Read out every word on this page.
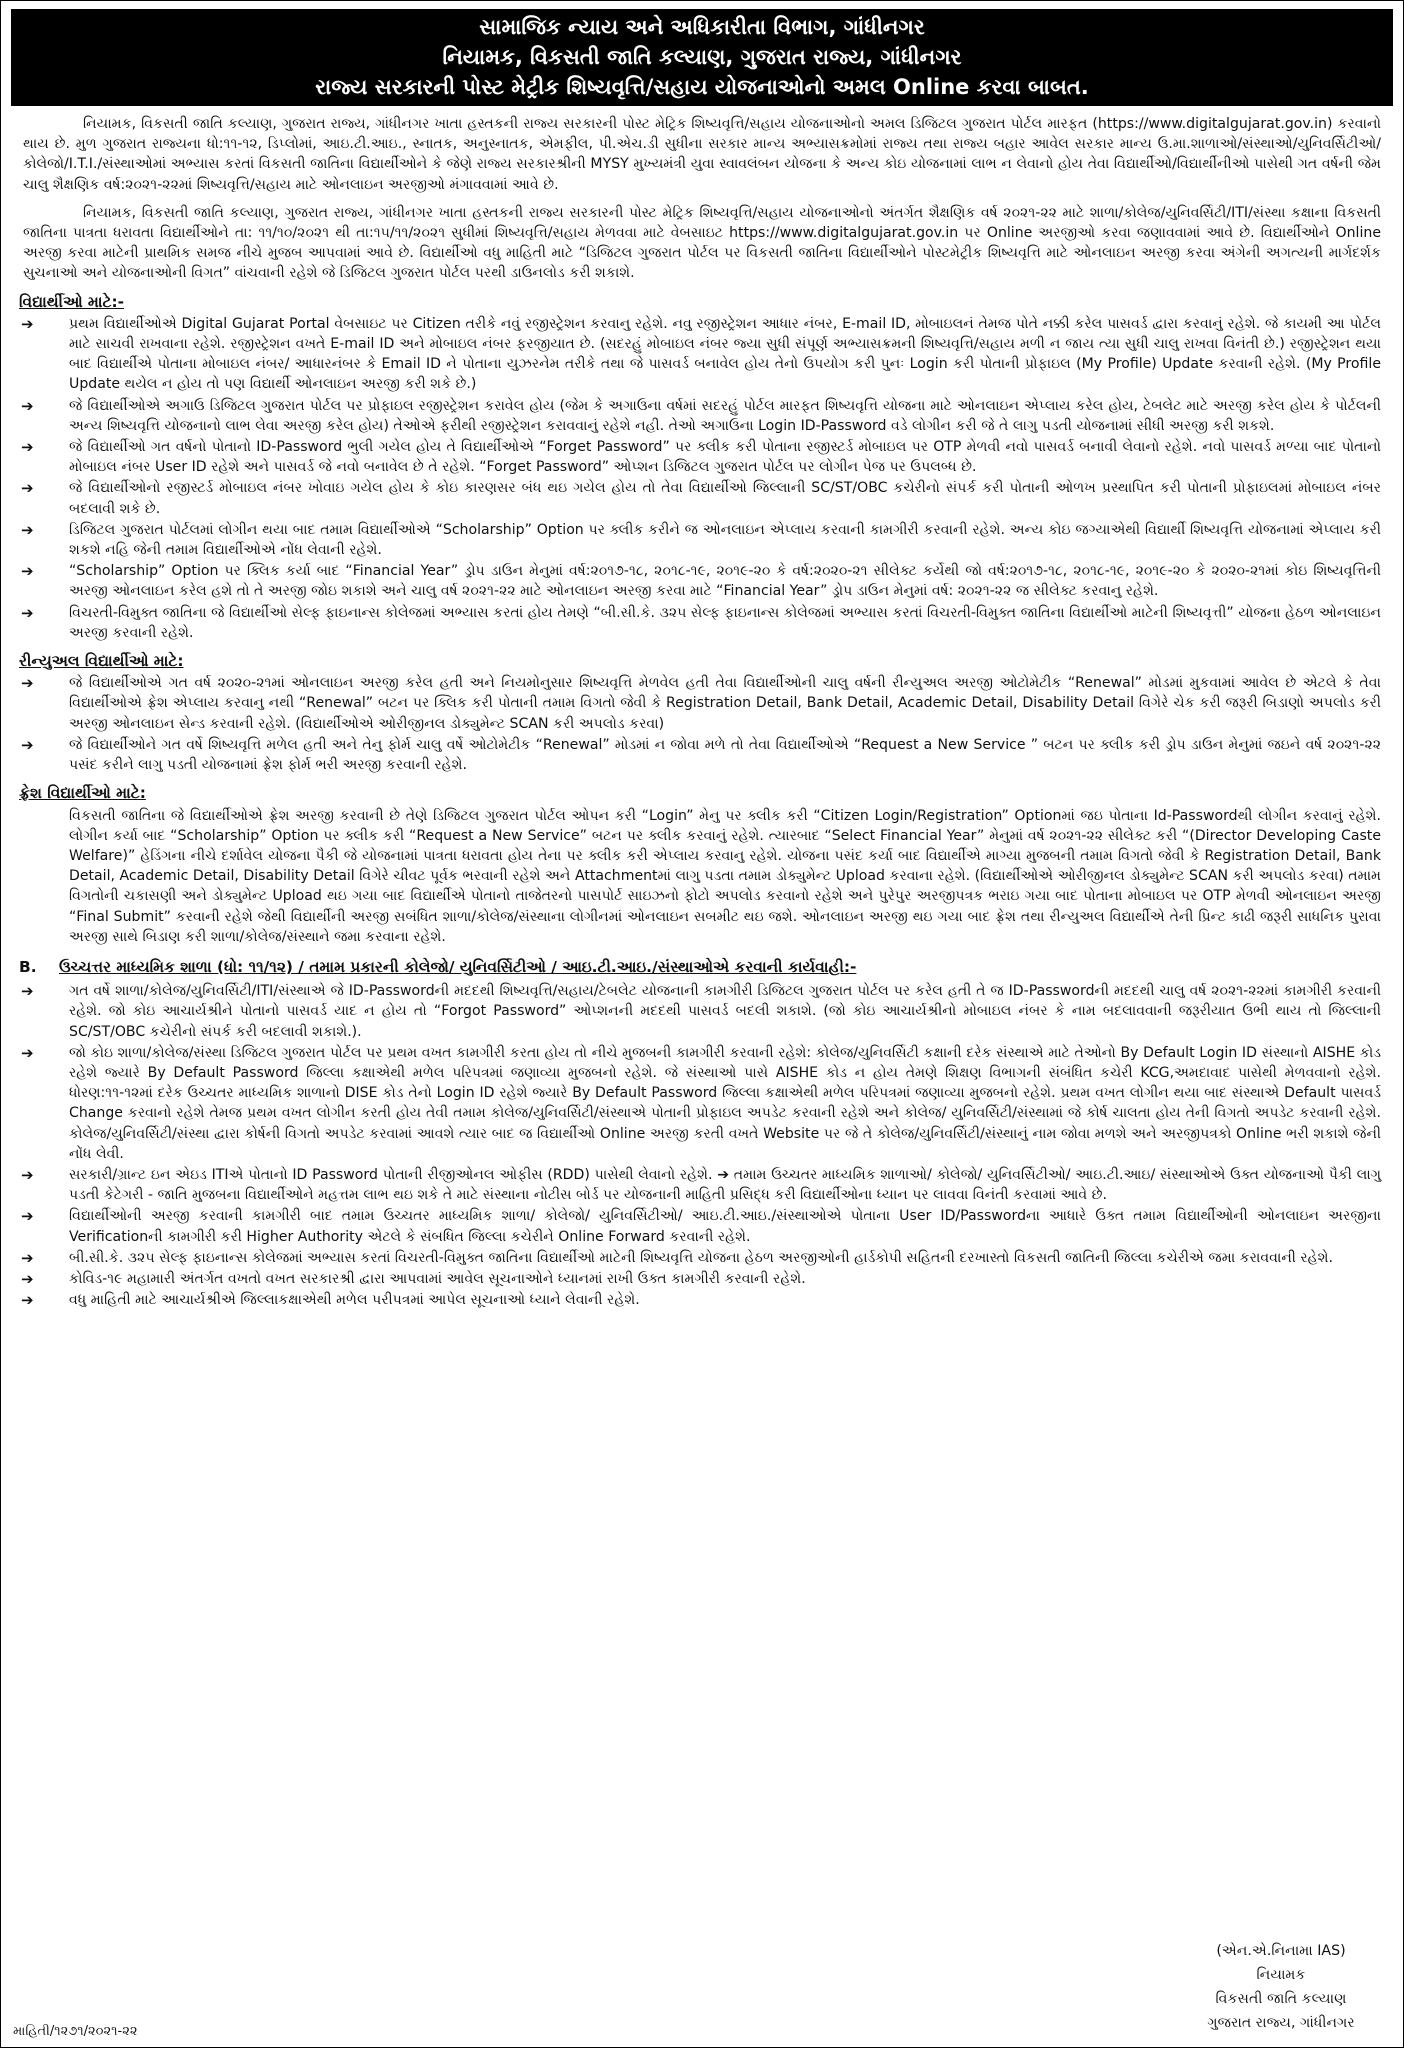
સામાજિક ન્યાય અને અધિકારીતા વિભાગ, ગાંધીનગર
નિયામક, વિકસતી જાતિ કલ્યાણ, ગુજરાત રાજ્ય, ગાંધીનગર
રાજ્ય સરકારની પોસ્ટ મેટ્રીક શિષ્યવૃત્તિ/સહાય યોજનાઓનો અમલ Online કરવા બાબત.

નિયામક, વિકસતી જાતિ કલ્યાણ, ગુજરાત રાજ્ય, ગાંધીનગર ખાતા હસ્તકની રાજ્ય સરકારની પોસ્ટ મેટ્રિક શિષ્યવૃત્તિ/સહાય યોજનાઓનો અમલ ડિજિટલ ગુજરાત પોર્ટલ મારફત (https://www.digitalgujarat.gov.in) કરવાનો થાય છે. મુળ ગુજરાત રાજ્યના ધો:૧૧-૧૨, ડિપ્લોમાં, આઇ.ટી.આઇ., સ્નાતક, અનુસ્નાતક, એમફીલ, પી.એચ.ડી સુધીના સરકાર માન્ય અભ્યાસક્રમોમાં રાજ્ય તથા રાજ્ય બહાર આવેલ સરકાર માન્ય ઉ.મા.શાળાઓ/સંસ્થાઓ/યુનિવર્સિટીઓ/કોલેજો/I.T.I./સંસ્થાઓમાં અભ્યાસ કરતાં વિકસતી જાતિના વિદ્યાર્થીઓને કે જેણે રાજ્ય સરકારશ્રીની MYSY મુખ્યમંત્રી યુવા સ્વાવલંબન યોજના કે અન્ય કોઇ યોજનામાં લાભ ન લેવાનો હોય તેવા વિદ્યાર્થીઓ/વિદ્યાર્થીનીઓ પાસેથી ગત વર્ષની જેમ ચાલુ શૈક્ષણિક વર્ષ:૨૦૨૧-૨૨માં શિષ્યવૃત્તિ/સહાય માટે ઓનલાઇન અરજીઓ મંગાવવામાં આવે છે.

નિયામક, વિકસતી જાતિ કલ્યાણ, ગુજરાત રાજ્ય, ગાંધીનગર ખાતા હસ્તકની રાજ્ય સરકારની પોસ્ટ મેટ્રિક શિષ્યવૃત્તિ/સહાય યોજનાઓનો અંતર્ગત શૈક્ષણિક વર્ષ ૨૦૨૧-૨૨ માટે શાળા/કોલેજ/યુનિવર્સિટી/ITI/સંસ્થા કક્ષાના વિકસતી જાતિના પાત્રતા ધરાવતા વિદ્યાર્થીઓને તા: ૧૧/૧૦/૨૦૨૧ થી તા:૧૫/૧૧/૨૦૨૧ સુધીમાં શિષ્યવૃત્તિ/સહાય મેળવવા માટે વેબસાઇટ https://www.digitalgujarat.gov.in પર Online અરજીઓ કરવા જણાવવામાં આવે છે. વિદ્યાર્થીઓને Online અરજી કરવા માટેની પ્રાથમિક સમજ નીચે મુજબ આપવામાં આવે છે. વિદ્યાર્થીઓ વધુ માહિતી માટે “ડિજિટલ ગુજરાત પોર્ટલ પર વિકસતી જાતિના વિદ્યાર્થીઓને પોસ્ટમેટ્રીક શિષ્યવૃત્તિ માટે ઓનલાઇન અરજી કરવા અંગેની અગત્યની માર્ગદર્શક સુચનાઓ અને યોજનાઓની વિગત” વાંચવાની રહેશે જે ડિજિટલ ગુજરાત પોર્ટલ પરથી ડાઉનલોડ કરી શકાશે.

વિદ્યાર્થીઓ માટે:-
➔	પ્રથમ વિદ્યાર્થીઓએ Digital Gujarat Portal વેબસાઇટ પર Citizen તરીકે નવું રજીસ્ટ્રેશન કરવાનુ રહેશે. નવુ રજીસ્ટ્રેશન આધાર નંબર, E-mail ID, મોબાઇલનં તેમજ પોતે નક્કી કરેલ પાસવર્ડ દ્વારા કરવાનું રહેશે. જે કાયમી આ પોર્ટલ માટે સાચવી રાખવાના રહેશે. રજીસ્ટ્રેશન વખતે E-mail ID અને મોબાઇલ નંબર ફરજીયાત છે. (સદરહું મોબાઇલ નંબર જ્યા સુધી સંપૂર્ણ અભ્યાસક્રમની શિષ્યવૃત્તિ/સહાય મળી ન જાય ત્યા સુધી ચાલુ રાખવા વિનંતી છે.) રજીસ્ટ્રેશન થયા બાદ વિદ્યાર્થીએ પોતાના મોબાઇલ નંબર/ આધારનંબર કે Email ID ને પોતાના યુઝરનેમ તરીકે તથા જે પાસવર્ડ બનાવેલ હોય તેનો ઉપયોગ કરી પુનઃ Login કરી પોતાની પ્રોફાઇલ (My Profile) Update કરવાની રહેશે. (My Profile Update થયેલ ન હોય તો પણ વિદ્યાર્થી ઓનલાઇન અરજી કરી શકે છે.)
➔	જે વિદ્યાર્થીઓએ અગાઉ ડિજિટલ ગુજરાત પોર્ટલ પર પ્રોફાઇલ રજીસ્ટ્રેશન કરાવેલ હોય (જેમ કે અગાઉના વર્ષમાં સદરહું પોર્ટલ મારફત શિષ્યવૃત્તિ યોજના માટે ઓનલાઇન એપ્લાય કરેલ હોય, ટેબલેટ માટે અરજી કરેલ હોય કે પોર્ટલની અન્ય શિષ્યવૃત્તિ યોજનાનો લાભ લેવા અરજી કરેલ હોય) તેઓએ ફરીથી રજીસ્ટ્રેશન કરાવવાનું રહેશે નહી. તેઓ અગાઉના Login ID-Password વડે લોગીન કરી જે તે લાગુ પડતી યોજનામાં સીધી અરજી કરી શકશે.
➔	જે વિદ્યાર્થીઓ ગત વર્ષનો પોતાનો ID-Password ભુલી ગયેલ હોય તે વિદ્યાર્થીઓએ “Forget Password” પર ક્લીક કરી પોતાના રજીસ્ટર્ડ મોબાઇલ પર OTP મેળવી નવો પાસવર્ડ બનાવી લેવાનો રહેશે. નવો પાસવર્ડ મળ્યા બાદ પોતાનો મોબાઇલ નંબર User ID રહેશે અને પાસવર્ડ જે નવો બનાવેલ છે તે રહેશે. “Forget Password” ઓપ્શન ડિજિટલ ગુજરાત પોર્ટલ પર લોગીન પેજ પર ઉપલબ્ધ છે.
➔	જે વિદ્યાર્થીઓનો રજીસ્ટર્ડ મોબાઇલ નંબર ખોવાઇ ગયેલ હોય કે કોઇ કારણસર બંધ થઇ ગયેલ હોય તો તેવા વિદ્યાર્થીઓ જિલ્લાની SC/ST/OBC કચેરીનો સંપર્ક કરી પોતાની ઓળખ પ્રસ્થાપિત કરી પોતાની પ્રોફાઇલમાં મોબાઇલ નંબર બદલાવી શકે છે.
➔	ડિજિટલ ગુજરાત પોર્ટલમાં લોગીન થયા બાદ તમામ વિદ્યાર્થીઓએ “Scholarship” Option પર ક્લીક કરીને જ ઓનલાઇન એપ્લાય કરવાની કામગીરી કરવાની રહેશે. અન્ય કોઇ જગ્યાએથી વિદ્યાર્થી શિષ્યવૃત્તિ યોજનામાં એપ્લાય કરી શકશે નહિ જેની તમામ વિદ્યાર્થીઓએ નોંધ લેવાની રહેશે.
➔	“Scholarship” Option પર ક્લિક કર્યા બાદ “Financial Year” ડ્રોપ ડાઉન મેનુમાં વર્ષ:૨૦૧૭-૧૮, ૨૦૧૮-૧૯, ૨૦૧૯-૨૦ કે વર્ષ:૨૦૨૦-૨૧ સીલેક્ટ કર્યેથી જો વર્ષ:૨૦૧૭-૧૮, ૨૦૧૮-૧૯, ૨૦૧૯-૨૦ કે ૨૦૨૦-૨૧માં કોઇ શિષ્યવૃત્તિની અરજી ઓનલાઇન કરેલ હશે તો તે અરજી જોઇ શકાશે અને ચાલુ વર્ષ ૨૦૨૧-૨૨ માટે ઓનલાઇન અરજી કરવા માટે “Financial Year” ડ્રોપ ડાઉન મેનુમાં વર્ષ: ૨૦૨૧-૨૨ જ સીલેક્ટ કરવાનુ રહેશે.
➔	વિચરતી-વિમુક્ત જાતિના જે વિદ્યાર્થીઓ સેલ્ફ ફાઇનાન્સ કોલેજમાં અભ્યાસ કરતાં હોય તેમણે “બી.સી.કે. ૩૨૫ સેલ્ફ ફાઇનાન્સ કોલેજમાં અભ્યાસ કરતાં વિચરતી-વિમુક્ત જાતિના વિદ્યાર્થીઓ માટેની શિષ્યવૃત્તી” યોજના હેઠળ ઓનલાઇન અરજી કરવાની રહેશે.
રીન્યુઅલ વિદ્યાર્થીઓ માટે:
➔	જે વિદ્યાર્થીઓએ ગત વર્ષ ૨૦૨૦-૨૧માં ઓનલાઇન અરજી કરેલ હતી અને નિયમોનુસાર શિષ્યવૃત્તિ મેળવેલ હતી તેવા વિદ્યાર્થીઓની ચાલુ વર્ષની રીન્યુઅલ અરજી ઓટોમેટીક “Renewal” મોડમાં મુકવામાં આવેલ છે એટલે કે તેવા વિદ્યાર્થીઓએ ફ્રેશ એપ્લાય કરવાનુ નથી “Renewal” બટન પર ક્લિક કરી પોતાની તમામ વિગતો જેવી કે Registration Detail, Bank Detail, Academic Detail, Disability Detail વિગેરે ચેક કરી જરૂરી બિડાણો અપલોડ કરી અરજી ઓનલાઇન સેન્ડ કરવાની રહેશે. (વિદ્યાર્થીઓએ ઓરીજીનલ ડોક્યુમેન્ટ SCAN કરી અપલોડ કરવા)
➔	જે વિદ્યાર્થીઓને ગત વર્ષે શિષ્યવૃત્તિ મળેલ હતી અને તેનુ ફોર્મ ચાલુ વર્ષે ઓટોમેટીક “Renewal” મોડમાં ન જોવા મળે તો તેવા વિદ્યાર્થીઓએ “Request a New Service ” બટન પર ક્લીક કરી ડ્રોપ ડાઉન મેનુમાં જઇને વર્ષ ૨૦૨૧-૨૨ પસંદ કરીને લાગુ પડતી યોજનામાં ફ્રેશ ફોર્મ ભરી અરજી કરવાની રહેશે.
ફ્રેશ વિદ્યાર્થીઓ માટે:

વિકસતી જાતિના જે વિદ્યાર્થીઓએ ફ્રેશ અરજી કરવાની છે તેણે ડિજિટલ ગુજરાત પોર્ટલ ઓપન કરી “Login” મેનુ પર ક્લીક કરી “Citizen Login/Registration” Optionમાં જઇ પોતાના Id-Passwordથી લોગીન કરવાનું રહેશે. લોગીન કર્યા બાદ “Scholarship” Option પર ક્લીક કરી “Request a New Service” બટન પર ક્લીક કરવાનું રહેશે. ત્યારબાદ “Select Financial Year” મેનુમાં વર્ષ ૨૦૨૧-૨૨ સીલેક્ટ કરી “(Director Developing Caste Welfare)” હેડિંગના નીચે દર્શાવેલ યોજના પૈકી જે યોજનામાં પાત્રતા ધરાવતા હોય તેના પર ક્લીક કરી એપ્લાય કરવાનુ રહેશે. યોજના પસંદ કર્યા બાદ વિદ્યાર્થીએ માગ્યા મુજબની તમામ વિગતો જેવી કે Registration Detail, Bank Detail, Academic Detail, Disability Detail વિગેરે ચીવટ પૂર્વક ભરવાની રહેશે અને Attachmentમાં લાગુ પડતા તમામ ડોક્યુમેન્ટ Upload કરવાના રહેશે. (વિદ્યાર્થીઓએ ઓરીજીનલ ડોક્યુમેન્ટ SCAN કરી અપલોડ કરવા) તમામ વિગતોની ચકાસણી અને ડોક્યુમેન્ટ Upload થઇ ગયા બાદ વિદ્યાર્થીએ પોતાનો તાજેતરનો પાસપોર્ટ સાઇઝનો ફોટો અપલોડ કરવાનો રહેશે અને પુરેપુર અરજીપત્રક ભરાઇ ગયા બાદ પોતાના મોબાઇલ પર OTP મેળવી ઓનલાઇન અરજી “Final Submit” કરવાની રહેશે જેથી વિદ્યાર્થીની અરજી સબંધિત શાળા/કોલેજ/સંસ્થાના લોગીનમાં ઓનલાઇન સબમીટ થઇ જશે. ઓનલાઇન અરજી થઇ ગયા બાદ ફ્રેશ તથા રીન્યુઅલ વિદ્યાર્થીએ તેની પ્રિન્ટ કાઢી જરૂરી સાધનિક પુરાવા અરજી સાથે બિડાણ કરી શાળા/કોલેજ/સંસ્થાને જમા કરવાના રહેશે.

B. ઉચ્ચત્તર માધ્યમિક શાળા (ધો: ૧૧/૧૨) / તમામ પ્રકારની કોલેજો/ યુનિવર્સિટીઓ / આઇ.ટી.આઇ./સંસ્થાઓએ કરવાની કાર્યવાહી:-
➔	ગત વર્ષે શાળા/કોલેજ/યુનિવર્સિટી/ITI/સંસ્થાએ જે ID-Passwordની મદદથી શિષ્યવૃત્તિ/સહાય/ટેબલેટ યોજનાની કામગીરી ડિજિટલ ગુજરાત પોર્ટલ પર કરેલ હતી તે જ ID-Passwordની મદદથી ચાલુ વર્ષ ૨૦૨૧-૨૨માં કામગીરી કરવાની રહેશે. જો કોઇ આચાર્યશ્રીને પોતાનો પાસવર્ડ યાદ ન હોય તો “Forgot Password” ઓપ્શનની મદદથી પાસવર્ડ બદલી શકાશે. (જો કોઇ આચાર્યશ્રીનો મોબાઇલ નંબર કે નામ બદલાવવાની જરૂરીયાત ઉભી થાય તો જિલ્લાની SC/ST/OBC કચેરીનો સંપર્ક કરી બદલાવી શકાશે.).
➔	જો કોઇ શાળા/કોલેજ/સંસ્થા ડિજિટલ ગુજરાત પોર્ટલ પર પ્રથમ વખત કામગીરી કરતા હોય તો નીચે મુજબની કામગીરી કરવાની રહેશે: કોલેજ/યુનિવર્સિટી કક્ષાની દરેક સંસ્થાએ માટે તેઓનો By Default Login ID સંસ્થાનો AISHE કોડ રહેશે જ્યારે By Default Password જિલ્લા કક્ષાએથી મળેલ પરિપત્રમાં જણાવ્યા મુજબનો રહેશે. જે સંસ્થાઓ પાસે AISHE કોડ ન હોય તેમણે શિક્ષણ વિભાગની સંબંધિત કચેરી KCG,અમદાવાદ પાસેથી મેળવવાનો રહેશે. ધોરણ:૧૧-૧૨માં દરેક ઉચ્ચતર માધ્યમિક શાળાનો DISE કોડ તેનો Login ID રહેશે જ્યારે By Default Password જિલ્લા કક્ષાએથી મળેલ પરિપત્રમાં જણાવ્યા મુજબનો રહેશે. પ્રથમ વખત લોગીન થયા બાદ સંસ્થાએ Default પાસવર્ડ Change કરવાનો રહેશે તેમજ પ્રથમ વખત લોગીન કરતી હોય તેવી તમામ કોલેજ/યુનિવર્સિટી/સંસ્થાએ પોતાની પ્રોફાઇલ અપડેટ કરવાની રહેશે અને કોલેજ/ યુનિવર્સિટી/સંસ્થામાં જે કોર્ષ ચાલતા હોય તેની વિગતો અપડેટ કરવાની રહેશે. કોલેજ/યુનિવર્સિટી/સંસ્થા દ્વારા કોર્ષની વિગતો અપડેટ કરવામાં આવશે ત્યાર બાદ જ વિદ્યાર્થીઓ Online અરજી કરતી વખતે Website પર જે તે કોલેજ/યુનિવર્સિટી/સંસ્થાનું નામ જોવા મળશે અને અરજીપત્રકો Online ભરી શકાશે જેની નોંધ લેવી.
➔	સરકારી/ગ્રાન્ટ ઇન એઇડ ITIએ પોતાનો ID Password પોતાની રીજીઓનલ ઓફીસ (RDD) પાસેથી લેવાનો રહેશે. ➔ તમામ ઉચ્ચતર માધ્યમિક શાળાઓ/ કોલેજો/ યુનિવર્સિટીઓ/ આઇ.ટી.આઇ/ સંસ્થાઓએ ઉક્ત યોજનાઓ પૈકી લાગુ પડતી કેટેગરી - જાતિ મુજબના વિદ્યાર્થીઓને મહત્તમ લાભ થઇ શકે તે માટે સંસ્થાના નોટીસ બોર્ડ પર યોજનાની માહિતી પ્રસિદ્ધ કરી વિદ્યાર્થીઓના ધ્યાન પર લાવવા વિનંતી કરવામાં આવે છે.
➔	વિદ્યાર્થીઓની અરજી કરવાની કામગીરી બાદ તમામ ઉચ્ચતર માધ્યમિક શાળા/ કોલેજો/ યુનિવર્સિટીઓ/ આઇ.ટી.આઇ./સંસ્થાઓએ પોતાના User ID/Passwordના આધારે ઉક્ત તમામ વિદ્યાર્થીઓની ઓનલાઇન અરજીના Verificationની કામગીરી કરી Higher Authority એટલે કે સંબધિત જિલ્લા કચેરીને Online Forward કરવાની રહેશે.
➔	બી.સી.કે. ૩૨૫ સેલ્ફ ફાઇનાન્સ કોલેજમાં અભ્યાસ કરતાં વિચરતી-વિમુક્ત જાતિના વિદ્યાર્થીઓ માટેની શિષ્યવૃત્તિ યોજના હેઠળ અરજીઓની હાર્ડકોપી સહિતની દરખાસ્તો વિકસતી જાતિની જિલ્લા કચેરીએ જમા કરાવવાની રહેશે.
➔	કોવિડ-૧૯ મહામારી અંતર્ગત વખતો વખત સરકારશ્રી દ્વારા આપવામાં આવેલ સૂચનાઓને ધ્યાનમાં રાખી ઉક્ત કામગીરી કરવાની રહેશે.
➔	વધુ માહિતી માટે આચાર્યશ્રીએ જિલ્લાકક્ષાએથી મળેલ પરીપત્રમાં આપેલ સૂચનાઓ ધ્યાને લેવાની રહેશે.
માહિતી/૧૨૭૧/૨૦૨૧-૨૨
(એન.એ.નિનામા IAS)
નિયામક
વિકસતી જાતિ કલ્યાણ
ગુજરાત રાજ્ય, ગાંધીનગર
